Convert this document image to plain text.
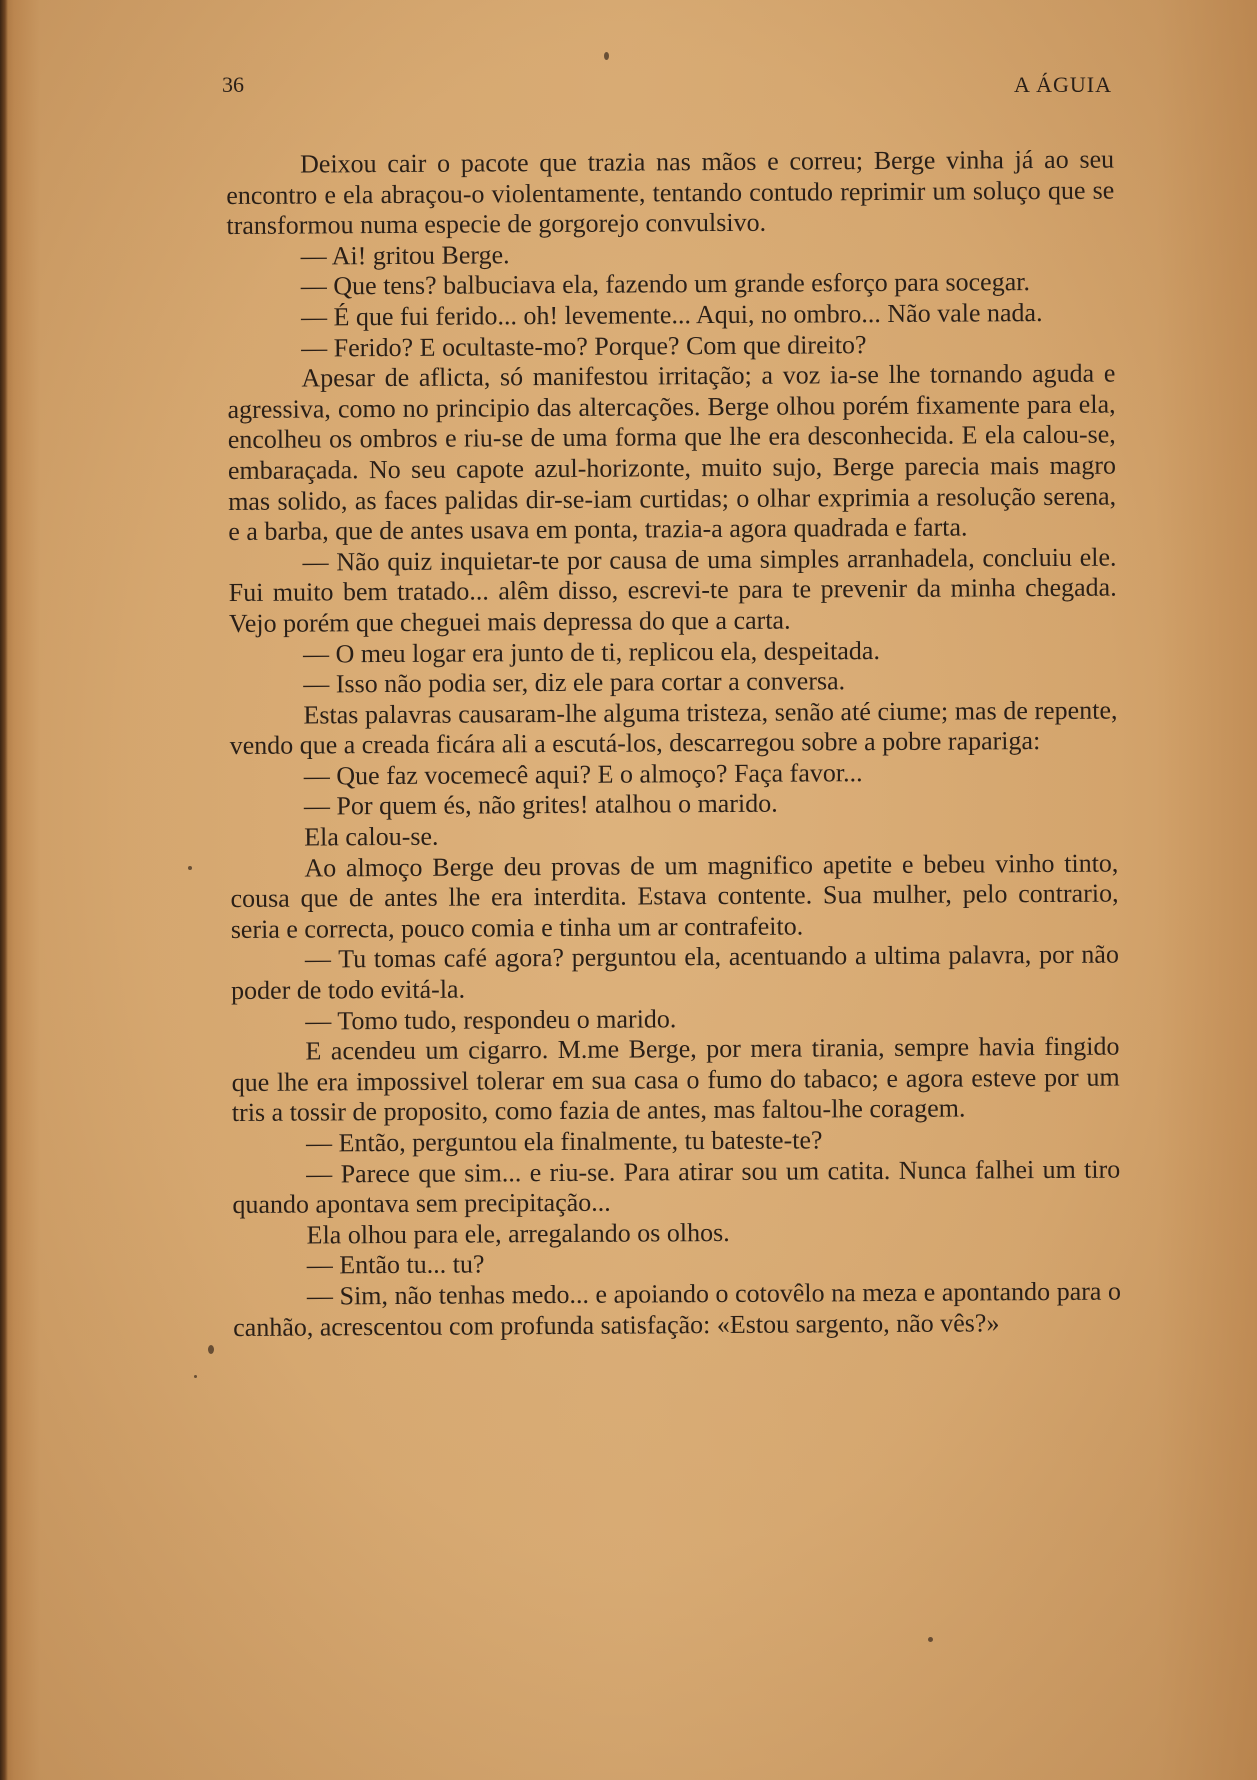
36	A ÁGUIA

Deixou cair o pacote que trazia nas mãos e correu; Berge vinha já ao seu encontro e ela abraçou-o violentamente, tentando contudo reprimir um soluço que se transformou numa especie de gorgorejo convulsivo.

— Ai! gritou Berge.

— Que tens? balbuciava ela, fazendo um grande esforço para socegar.

— É que fui ferido... oh! levemente... Aqui, no ombro... Não vale nada.

— Ferido? E ocultaste-mo? Porque? Com que direito?

Apesar de aflicta, só manifestou irritação; a voz ia-se lhe tornando aguda e agressiva, como no principio das altercações. Berge olhou porém fixamente para ela, encolheu os ombros e riu-se de uma forma que lhe era desconhecida. E ela calou-se, embaraçada. No seu capote azul-horizonte, muito sujo, Berge parecia mais magro mas solido, as faces palidas dir-se-iam curtidas; o olhar exprimia a resolução serena, e a barba, que de antes usava em ponta, trazia-a agora quadrada e farta.

— Não quiz inquietar-te por causa de uma simples arranhadela, concluiu ele. Fui muito bem tratado... alêm disso, escrevi-te para te prevenir da minha chegada. Vejo porém que cheguei mais depressa do que a carta.

— O meu logar era junto de ti, replicou ela, despeitada.

— Isso não podia ser, diz ele para cortar a conversa.

Estas palavras causaram-lhe alguma tristeza, senão até ciume; mas de repente, vendo que a creada ficára ali a escutá-los, descarregou sobre a pobre rapariga:

— Que faz vocemecê aqui? E o almoço? Faça favor...

— Por quem és, não grites! atalhou o marido.

Ela calou-se.

Ao almoço Berge deu provas de um magnifico apetite e bebeu vinho tinto, cousa que de antes lhe era interdita. Estava contente. Sua mulher, pelo contrario, seria e correcta, pouco comia e tinha um ar contrafeito.

— Tu tomas café agora? perguntou ela, acentuando a ultima palavra, por não poder de todo evitá-la.

— Tomo tudo, respondeu o marido.

E acendeu um cigarro. M.me Berge, por mera tirania, sempre havia fingido que lhe era impossivel tolerar em sua casa o fumo do tabaco; e agora esteve por um tris a tossir de proposito, como fazia de antes, mas faltou-lhe coragem.

— Então, perguntou ela finalmente, tu bateste-te?

— Parece que sim... e riu-se. Para atirar sou um catita. Nunca falhei um tiro quando apontava sem precipitação...

Ela olhou para ele, arregalando os olhos.

— Então tu... tu?

— Sim, não tenhas medo... e apoiando o cotovêlo na meza e apontando para o canhão, acrescentou com profunda satisfação: «Estou sargento, não vês?»
